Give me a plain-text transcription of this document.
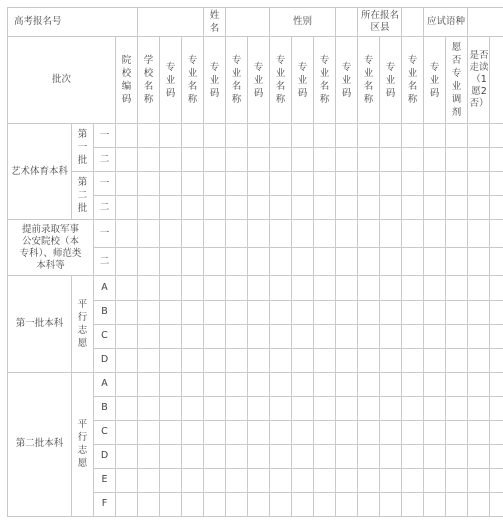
高考报名号							姓名			性别				所在报名区县			应试语种			
批次			院校编码	学校名称	专业码	专业名称	专业码	专业名称	专业码	专业名称	专业码	专业名称	专业码	专业名称	专业码	专业名称	专业码	愿否专业调剂	是否走读（1愿2否）	
艺术体育本科	第一批	一																		
		二																		
	第二批	一																		
		二																		
提前录取军事公安院校（本专科）、师范类本科等		一																		
		二																		
第一批本科	平行志愿	A																		
		B																		
		C																		
		D																		
第二批本科	平行志愿	A																		
		B																		
		C																		
		D																		
		E																		
		F																		
